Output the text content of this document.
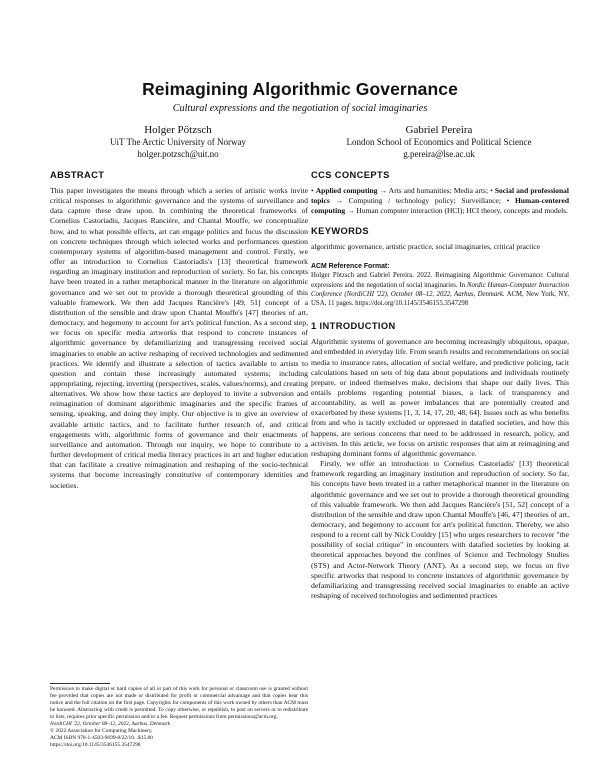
Reimagining Algorithmic Governance
Cultural expressions and the negotiation of social imaginaries
Holger Pötzsch
UiT The Arctic University of Norway
holger.potzsch@uit.no
Gabriel Pereira
London School of Economics and Political Science
g.pereira@lse.ac.uk
ABSTRACT

This paper investigates the means through which a series of artistic works invite critical responses to algorithmic governance and the systems of surveillance and data capture these draw upon. In combining the theoretical frameworks of Cornelius Castoriadis, Jacques Rancière, and Chantal Mouffe, we conceptualize how, and to what possible effects, art can engage politics and focus the discussion on concrete techniques through which selected works and performances question contemporary systems of algorithm-based management and control. Firstly, we offer an introduction to Cornelius Castoriadis's [13] theoretical framework regarding an imaginary institution and reproduction of society. So far, his concepts have been treated in a rather metaphorical manner in the literature on algorithmic governance and we set out to provide a thorough theoretical grounding of this valuable framework. We then add Jacques Rancière's [49, 51] concept of a distribution of the sensible and draw upon Chantal Mouffe's [47] theories of art, democracy, and hegemony to account for art's political function. As a second step, we focus on specific media artworks that respond to concrete instances of algorithmic governance by defamiliarizing and transgressing received social imaginaries to enable an active reshaping of received technologies and sedimented practices. We identify and illustrate a selection of tactics available to artists to question and contain these increasingly automated systems; including appropriating, rejecting, inverting (perspectives, scales, values/norms), and creating alternatives. We show how these tactics are deployed to invite a subversion and reimagination of dominant algorithmic imaginaries and the specific frames of sensing, speaking, and doing they imply. Our objective is to give an overview of available artistic tactics, and to facilitate further research of, and critical engagements with, algorithmic forms of governance and their enactments of surveillance and automation. Through our inquiry, we hope to contribute to a further development of critical media literacy practices in art and higher education that can facilitate a creative reimagination and reshaping of the socio-technical systems that become increasingly constitutive of contemporary identities and societies.

Permission to make digital or hard copies of all or part of this work for personal or classroom use is granted without fee provided that copies are not made or distributed for profit or commercial advantage and that copies bear this notice and the full citation on the first page. Copyrights for components of this work owned by others than ACM must be honored. Abstracting with credit is permitted. To copy otherwise, or republish, to post on servers or to redistribute to lists, requires prior specific permission and/or a fee. Request permissions from permissions@acm.org.

NordiCHI '22, October 08–12, 2022, Aarhus, Denmark

© 2022 Association for Computing Machinery.

ACM ISBN 978-1-4503-9699-8/22/10...$15.00

https://doi.org/10.1145/3546155.3547298

CCS CONCEPTS

• Applied computing → Arts and humanities; Media arts; • Social and professional topics → Computing / technology policy; Surveillance; • Human-centered computing → Human computer interaction (HCI); HCI theory, concepts and models.

KEYWORDS

algorithmic governance, artistic practice, social imaginaries, critical practice

ACM Reference Format:

Holger Pötzsch and Gabriel Pereira. 2022. Reimagining Algorithmic Governance: Cultural expressions and the negotiation of social imaginaries. In Nordic Human-Computer Interaction Conference (NordiCHI '22), October 08–12, 2022, Aarhus, Denmark. ACM, New York, NY, USA, 11 pages. https://doi.org/10.1145/3546155.3547298

1 INTRODUCTION

Algorithmic systems of governance are becoming increasingly ubiquitous, opaque, and embedded in everyday life. From search results and recommendations on social media to insurance rates, allocation of social welfare, and predictive policing, tacit calculations based on sets of big data about populations and individuals routinely prepare, or indeed themselves make, decisions that shape our daily lives. This entails problems regarding potential biases, a lack of transparency and accountability, as well as power imbalances that are potentially created and exacerbated by these systems [1, 3, 14, 17, 20, 48, 64]. Issues such as who benefits from and who is tacitly excluded or oppressed in datafied societies, and how this happens, are serious concerns that need to be addressed in research, policy, and activism. In this article, we focus on artistic responses that aim at reimagining and reshaping dominant forms of algorithmic governance.

Firstly, we offer an introduction to Cornelius Castoriadis' [13] theoretical framework regarding an imaginary institution and reproduction of society. So far, his concepts have been treated in a rather metaphorical manner in the literature on algorithmic governance and we set out to provide a thorough theoretical grounding of this valuable framework. We then add Jacques Rancière's [51, 52] concept of a distribution of the sensible and draw upon Chantal Mouffe's [46, 47] theories of art, democracy, and hegemony to account for art's political function. Thereby, we also respond to a recent call by Nick Couldry [15] who urges researchers to recover "the possibility of social critique" in encounters with datafied societies by looking at theoretical approaches beyond the confines of Science and Technology Studies (STS) and Actor-Network Theory (ANT). As a second step, we focus on five specific artworks that respond to concrete instances of algorithmic governance by defamiliarizing and transgressing received social imaginaries to enable an active reshaping of received technologies and sedimented practices
